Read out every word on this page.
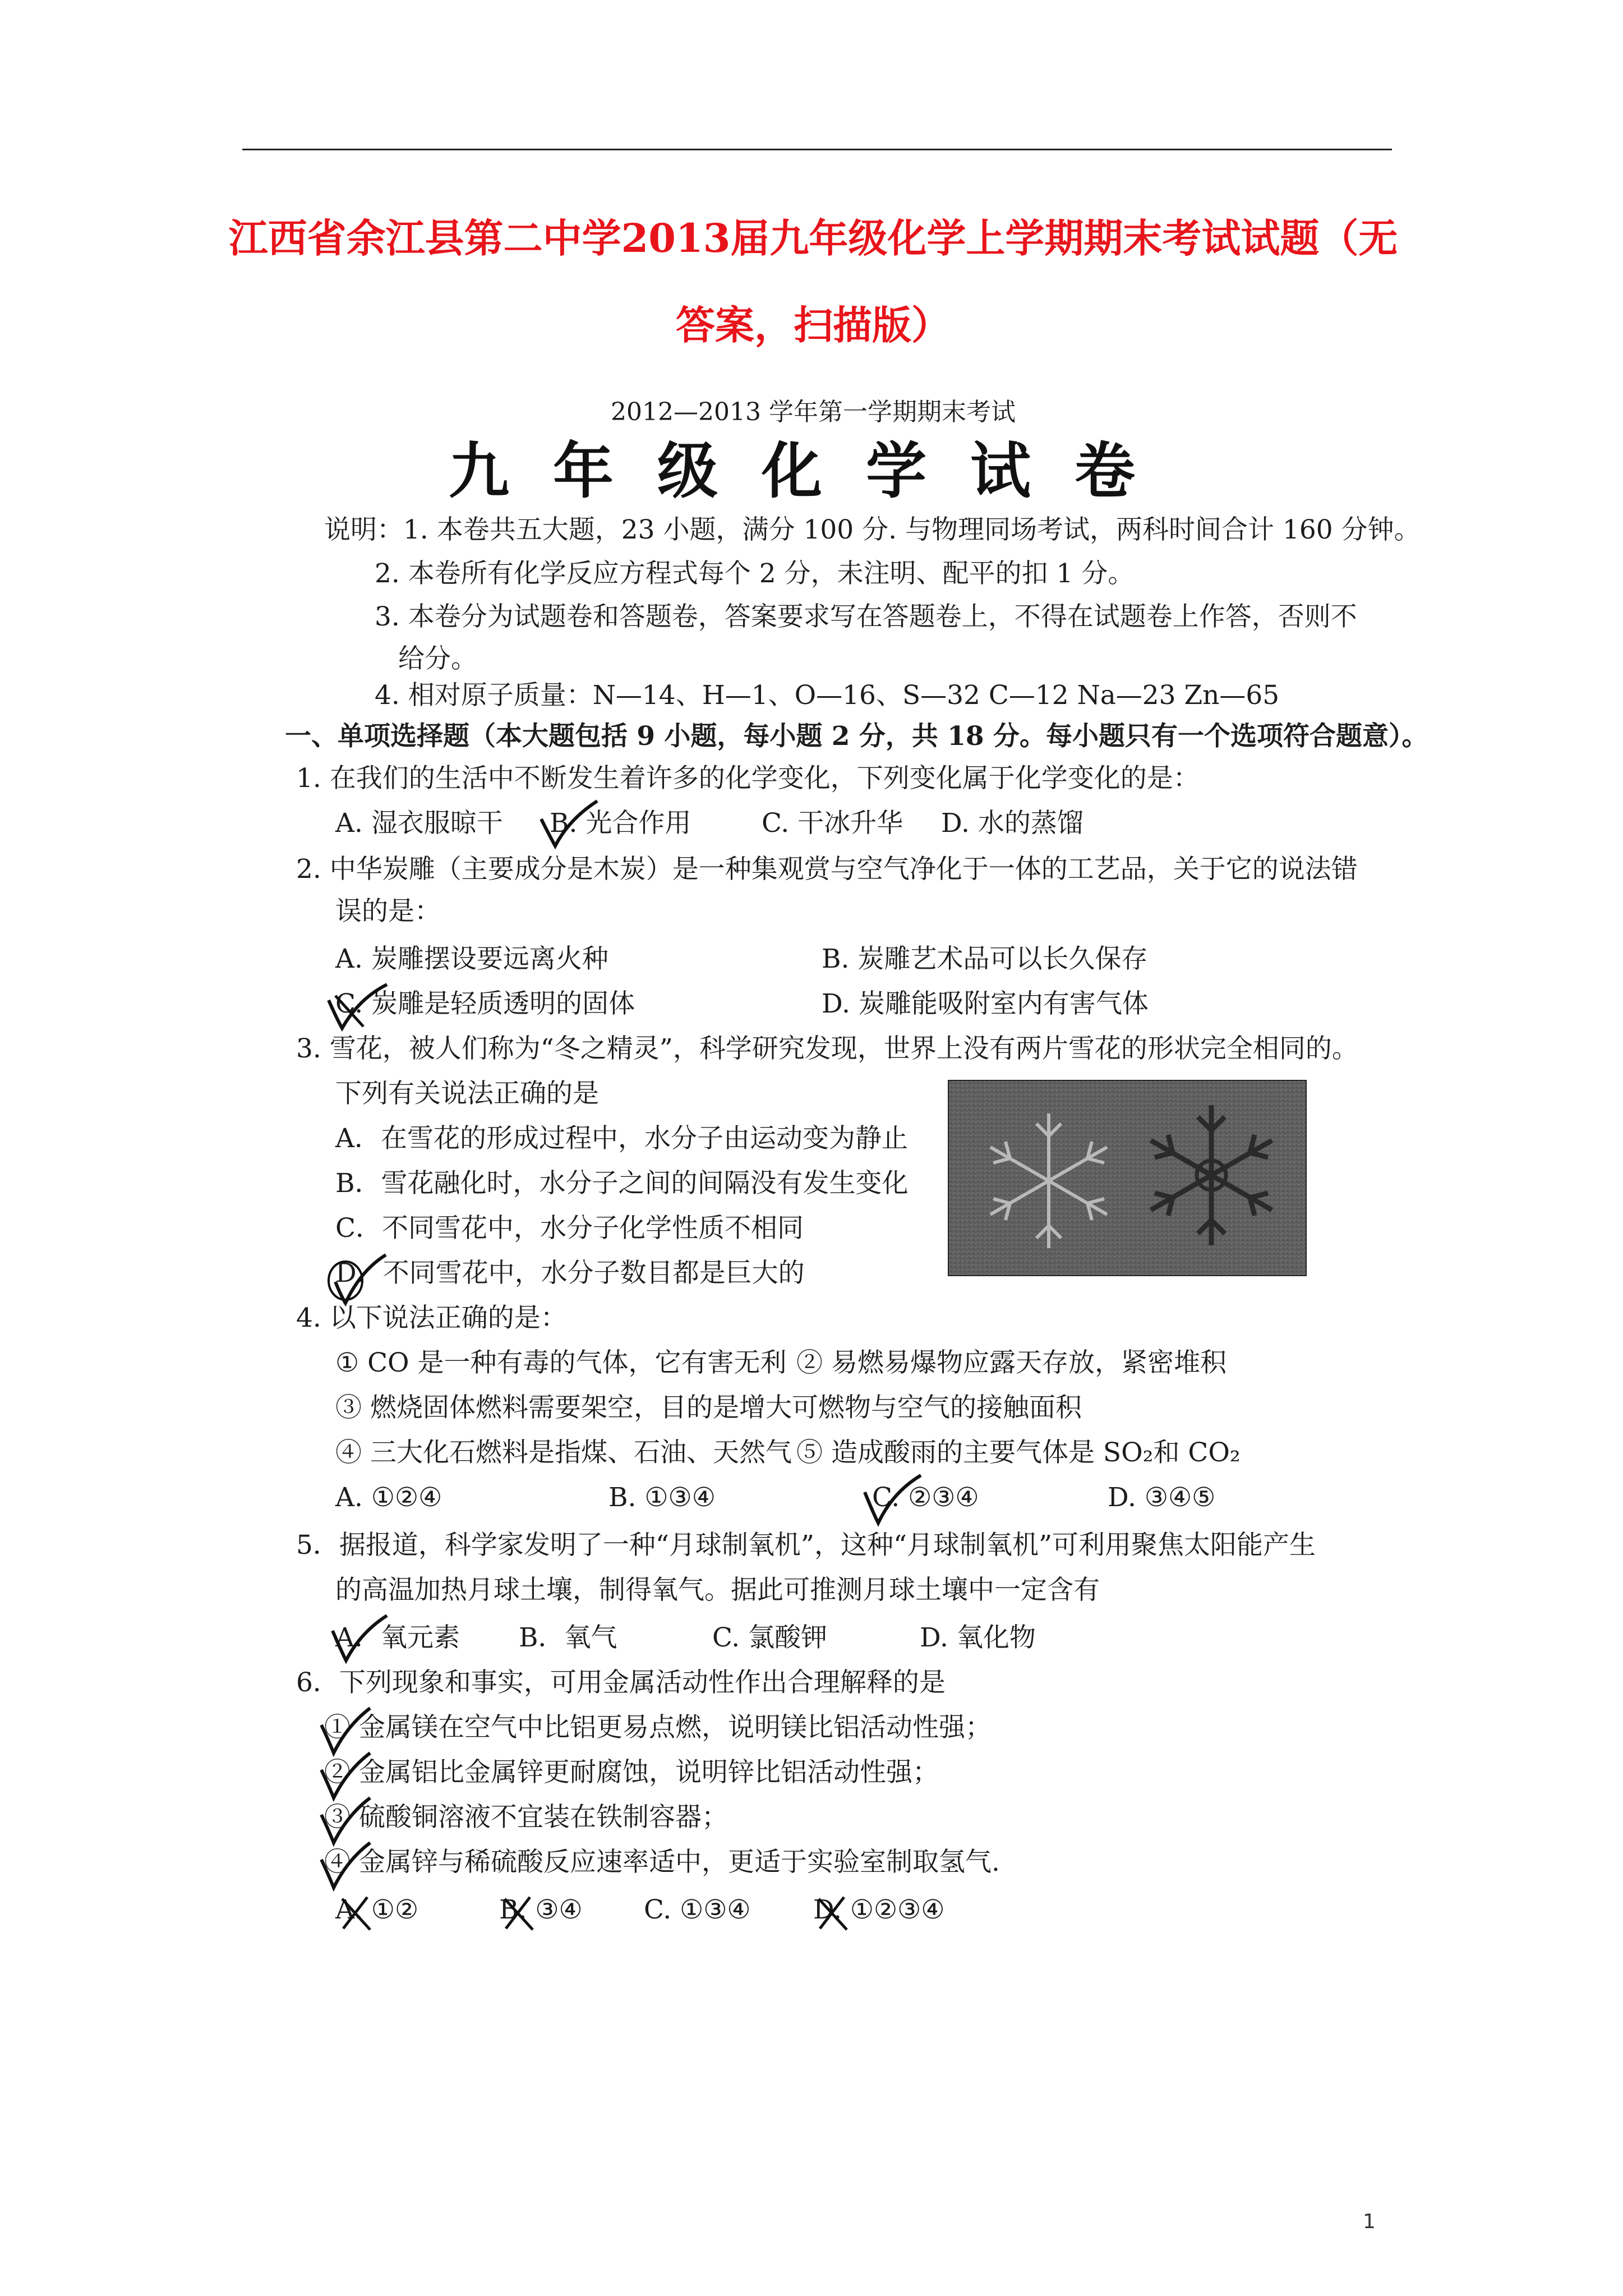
江西省余江县第二中学2013届九年级化学上学期期末考试试题（无
答案，扫描版）
2012—2013 学年第一学期期末考试
九年级化学试卷
说明：1. 本卷共五大题，23 小题，满分 100 分. 与物理同场考试，两科时间合计 160 分钟。
2. 本卷所有化学反应方程式每个 2 分，未注明、配平的扣 1 分。
3. 本卷分为试题卷和答题卷，答案要求写在答题卷上，不得在试题卷上作答，否则不
给分。
4. 相对原子质量：N—14、H—1、O—16、S—32 C—12 Na—23 Zn—65
一、单项选择题（本大题包括 9 小题，每小题 2 分，共 18 分。每小题只有一个选项符合题意）。
1. 在我们的生活中不断发生着许多的化学变化，下列变化属于化学变化的是：
A. 湿衣服晾干 B. 光合作用	C. 干冰升华 D. 水的蒸馏
2. 中华炭雕（主要成分是木炭）是一种集观赏与空气净化于一体的工艺品，关于它的说法错
误的是：
A. 炭雕摆设要远离火种	B. 炭雕艺术品可以长久保存
C. 炭雕是轻质透明的固体	D. 炭雕能吸附室内有害气体
3. 雪花，被人们称为“冬之精灵”，科学研究发现，世界上没有两片雪花的形状完全相同的。
下列有关说法正确的是
A．在雪花的形成过程中，水分子由运动变为静止
B．雪花融化时，水分子之间的间隔没有发生变化
C．不同雪花中，水分子化学性质不相同
D．不同雪花中，水分子数目都是巨大的
4. 以下说法正确的是：
① CO 是一种有毒的气体，它有害无利 ② 易燃易爆物应露天存放，紧密堆积
③ 燃烧固体燃料需要架空，目的是增大可燃物与空气的接触面积
④ 三大化石燃料是指煤、石油、天然气 ⑤ 造成酸雨的主要气体是 SO₂和 CO₂
A. ①②④	B. ①③④	C. ②③④	D. ③④⑤
5．据报道，科学家发明了一种“月球制氧机”，这种“月球制氧机”可利用聚焦太阳能产生
的高温加热月球土壤，制得氧气。据此可推测月球土壤中一定含有
A．氧元素 B．氧气	C. 氯酸钾	D. 氧化物
6．下列现象和事实，可用金属活动性作出合理解释的是
① 金属镁在空气中比铝更易点燃，说明镁比铝活动性强；
② 金属铝比金属锌更耐腐蚀，说明锌比铝活动性强；
③ 硫酸铜溶液不宜装在铁制容器；
④ 金属锌与稀硫酸反应速率适中，更适于实验室制取氢气.
A. ①②	B. ③④ C. ①③④ D. ①②③④
1
